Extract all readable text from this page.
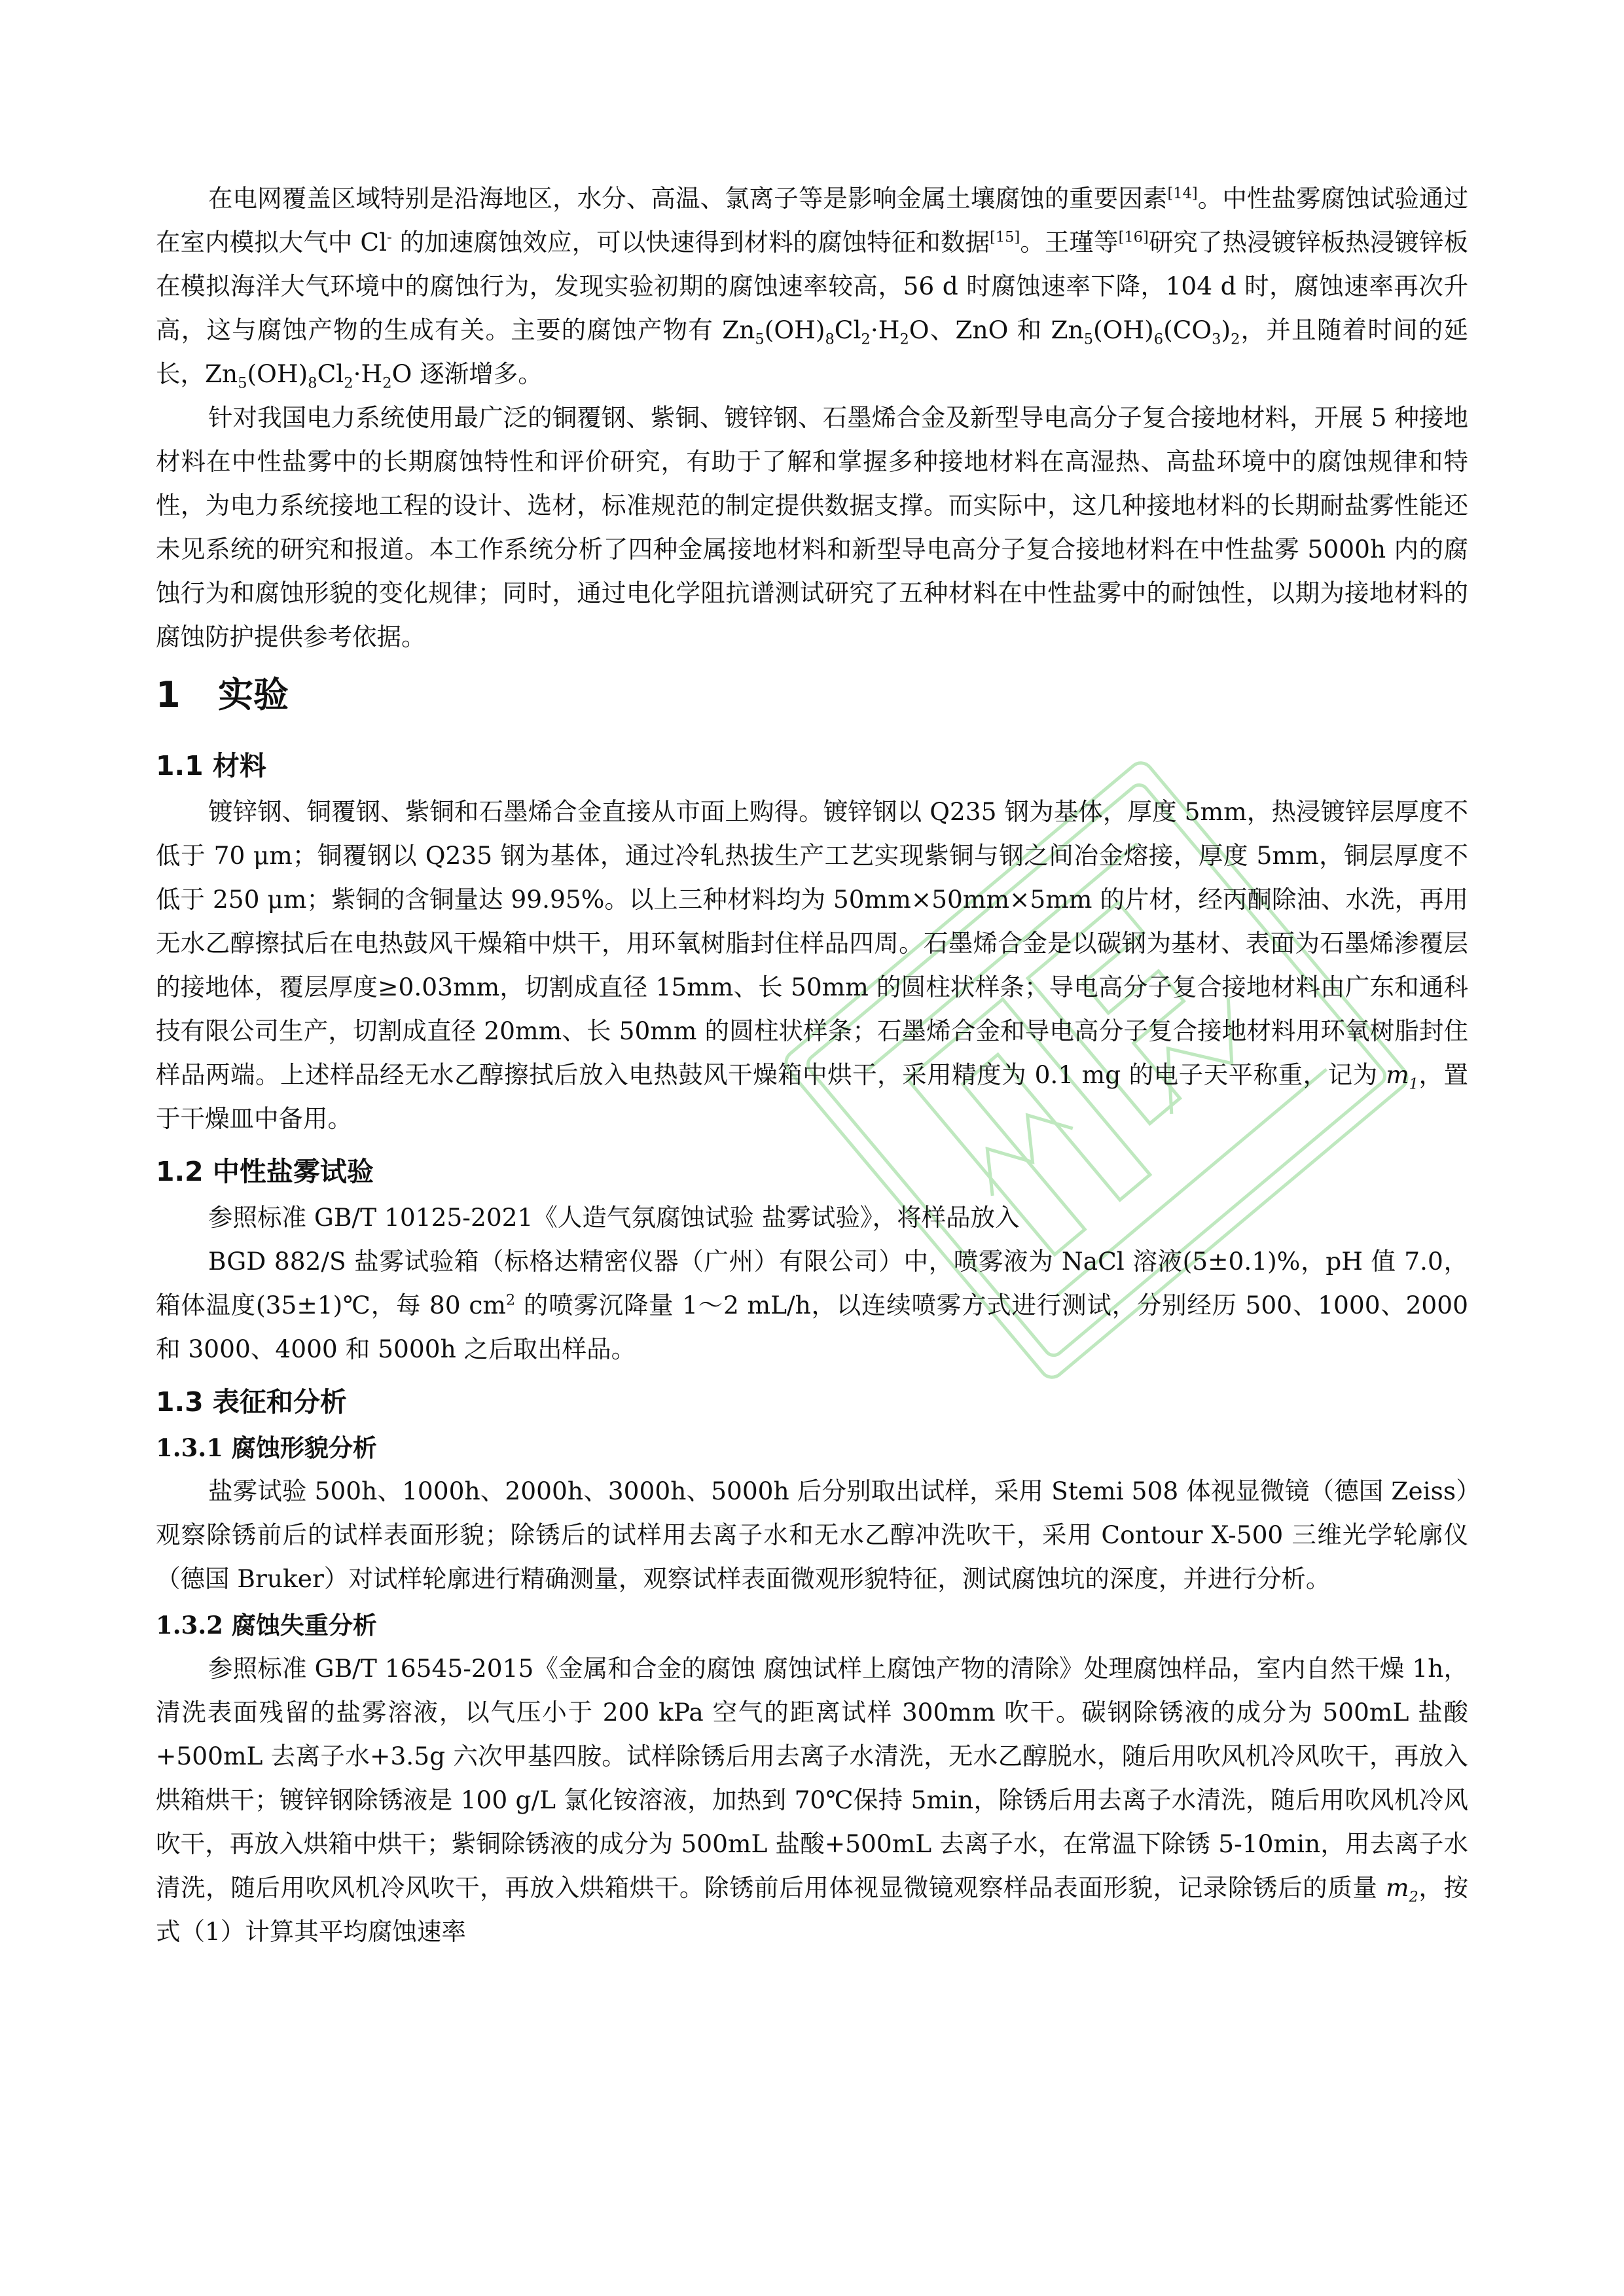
在电网覆盖区域特别是沿海地区，水分、高温、氯离子等是影响金属土壤腐蚀的重要因素[14]。中性盐雾腐蚀试验通过在室内模拟大气中 Cl- 的加速腐蚀效应，可以快速得到材料的腐蚀特征和数据[15]。王瑾等[16]研究了热浸镀锌板热浸镀锌板在模拟海洋大气环境中的腐蚀行为，发现实验初期的腐蚀速率较高，56 d 时腐蚀速率下降，104 d 时，腐蚀速率再次升高，这与腐蚀产物的生成有关。主要的腐蚀产物有 $Zn_5(OH)_8Cl_2\cdot H_2O$、ZnO 和 $Zn_5(OH)_6(CO_3)_2$，并且随着时间的延长，$Zn_5(OH)_8Cl_2\cdot H_2O$ 逐渐增多。

针对我国电力系统使用最广泛的铜覆钢、紫铜、镀锌钢、石墨烯合金及新型导电高分子复合接地材料，开展 5 种接地材料在中性盐雾中的长期腐蚀特性和评价研究，有助于了解和掌握多种接地材料在高湿热、高盐环境中的腐蚀规律和特性，为电力系统接地工程的设计、选材，标准规范的制定提供数据支撑。而实际中，这几种接地材料的长期耐盐雾性能还未见系统的研究和报道。本工作系统分析了四种金属接地材料和新型导电高分子复合接地材料在中性盐雾 5000h 内的腐蚀行为和腐蚀形貌的变化规律；同时，通过电化学阻抗谱测试研究了五种材料在中性盐雾中的耐蚀性，以期为接地材料的腐蚀防护提供参考依据。

1 实验
1.1 材料

镀锌钢、铜覆钢、紫铜和石墨烯合金直接从市面上购得。镀锌钢以 Q235 钢为基体，厚度 5mm，热浸镀锌层厚度不低于 70 μm；铜覆钢以 Q235 钢为基体，通过冷轧热拔生产工艺实现紫铜与钢之间冶金熔接，厚度 5mm，铜层厚度不低于 250 μm；紫铜的含铜量达 99.95%。以上三种材料均为 50mm×50mm×5mm 的片材，经丙酮除油、水洗，再用无水乙醇擦拭后在电热鼓风干燥箱中烘干，用环氧树脂封住样品四周。石墨烯合金是以碳钢为基材、表面为石墨烯渗覆层的接地体，覆层厚度≥0.03mm，切割成直径 15mm、长 50mm 的圆柱状样条；导电高分子复合接地材料由广东和通科技有限公司生产，切割成直径 20mm、长 50mm 的圆柱状样条；石墨烯合金和导电高分子复合接地材料用环氧树脂封住样品两端。上述样品经无水乙醇擦拭后放入电热鼓风干燥箱中烘干，采用精度为 0.1 mg 的电子天平称重，记为 $m_1$，置于干燥皿中备用。

1.2 中性盐雾试验

参照标准 GB/T 10125-2021《人造气氛腐蚀试验 盐雾试验》，将样品放入

BGD 882/S 盐雾试验箱（标格达精密仪器（广州）有限公司）中，喷雾液为 NaCl 溶液(5±0.1)%，pH 值 7.0，箱体温度(35±1)℃，每 80 $cm^2$ 的喷雾沉降量 1～2 mL/h，以连续喷雾方式进行测试，分别经历 500、1000、2000 和 3000、4000 和 5000h 之后取出样品。

1.3 表征和分析
1.3.1 腐蚀形貌分析

盐雾试验 500h、1000h、2000h、3000h、5000h 后分别取出试样，采用 Stemi 508 体视显微镜（德国 Zeiss）观察除锈前后的试样表面形貌；除锈后的试样用去离子水和无水乙醇冲洗吹干，采用 Contour X-500 三维光学轮廓仪（德国 Bruker）对试样轮廓进行精确测量，观察试样表面微观形貌特征，测试腐蚀坑的深度，并进行分析。

1.3.2 腐蚀失重分析

参照标准 GB/T 16545-2015《金属和合金的腐蚀 腐蚀试样上腐蚀产物的清除》处理腐蚀样品，室内自然干燥 1h，清洗表面残留的盐雾溶液，以气压小于 200 kPa 空气的距离试样 300mm 吹干。碳钢除锈液的成分为 500mL 盐酸+500mL 去离子水+3.5g 六次甲基四胺。试样除锈后用去离子水清洗，无水乙醇脱水，随后用吹风机冷风吹干，再放入烘箱烘干；镀锌钢除锈液是 100 g/L 氯化铵溶液，加热到 70℃保持 5min，除锈后用去离子水清洗，随后用吹风机冷风吹干，再放入烘箱中烘干；紫铜除锈液的成分为 500mL 盐酸+500mL 去离子水，在常温下除锈 5-10min，用去离子水清洗，随后用吹风机冷风吹干，再放入烘箱烘干。除锈前后用体视显微镜观察样品表面形貌，记录除锈后的质量 $m_2$，按式（1）计算其平均腐蚀速率
